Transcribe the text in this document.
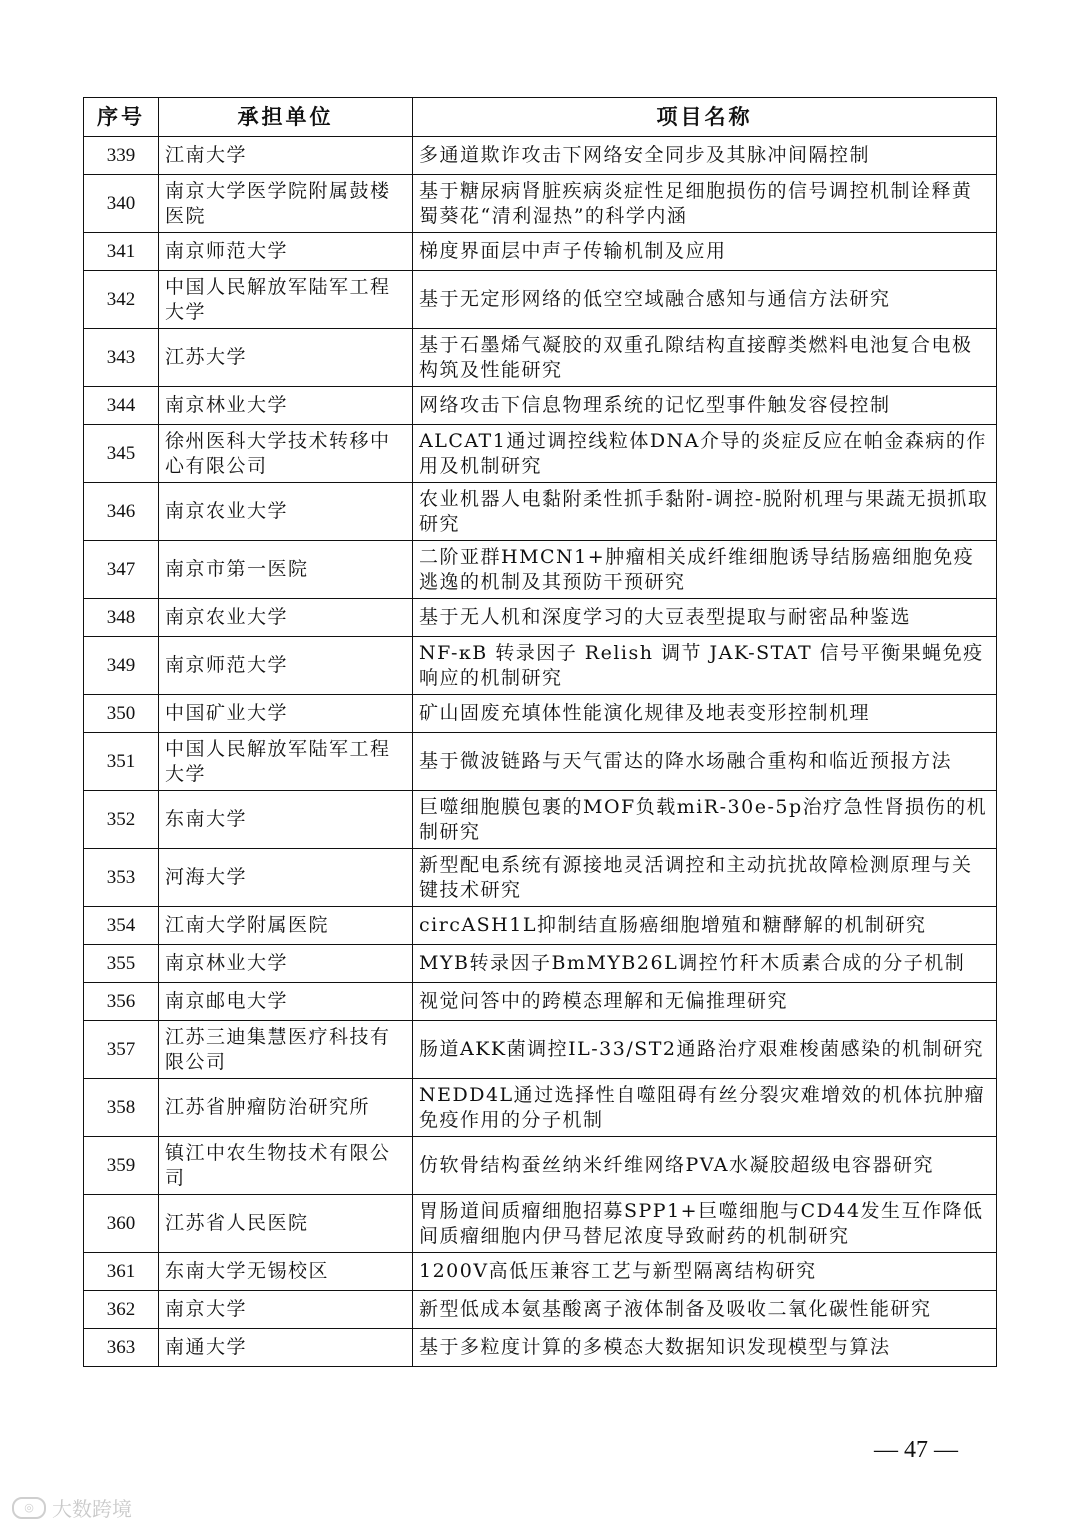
序号	承担单位	项目名称
339	江南大学	多通道欺诈攻击下网络安全同步及其脉冲间隔控制
340	南京大学医学院附属鼓楼医院	基于糖尿病肾脏疾病炎症性足细胞损伤的信号调控机制诠释黄蜀葵花“清利湿热”的科学内涵
341	南京师范大学	梯度界面层中声子传输机制及应用
342	中国人民解放军陆军工程大学	基于无定形网络的低空空域融合感知与通信方法研究
343	江苏大学	基于石墨烯气凝胶的双重孔隙结构直接醇类燃料电池复合电极构筑及性能研究
344	南京林业大学	网络攻击下信息物理系统的记忆型事件触发容侵控制
345	徐州医科大学技术转移中心有限公司	ALCAT1通过调控线粒体DNA介导的炎症反应在帕金森病的作用及机制研究
346	南京农业大学	农业机器人电黏附柔性抓手黏附-调控-脱附机理与果蔬无损抓取研究
347	南京市第一医院	二阶亚群HMCN1+肿瘤相关成纤维细胞诱导结肠癌细胞免疫逃逸的机制及其预防干预研究
348	南京农业大学	基于无人机和深度学习的大豆表型提取与耐密品种鉴选
349	南京师范大学	NF-κB 转录因子 Relish 调节 JAK-STAT 信号平衡果蝇免疫响应的机制研究
350	中国矿业大学	矿山固废充填体性能演化规律及地表变形控制机理
351	中国人民解放军陆军工程大学	基于微波链路与天气雷达的降水场融合重构和临近预报方法
352	东南大学	巨噬细胞膜包裹的MOF负载miR-30e-5p治疗急性肾损伤的机制研究
353	河海大学	新型配电系统有源接地灵活调控和主动抗扰故障检测原理与关键技术研究
354	江南大学附属医院	circASH1L抑制结直肠癌细胞增殖和糖酵解的机制研究
355	南京林业大学	MYB转录因子BmMYB26L调控竹秆木质素合成的分子机制
356	南京邮电大学	视觉问答中的跨模态理解和无偏推理研究
357	江苏三迪集慧医疗科技有限公司	肠道AKK菌调控IL-33/ST2通路治疗艰难梭菌感染的机制研究
358	江苏省肿瘤防治研究所	NEDD4L通过选择性自噬阻碍有丝分裂灾难增效的机体抗肿瘤免疫作用的分子机制
359	镇江中农生物技术有限公司	仿软骨结构蚕丝纳米纤维网络PVA水凝胶超级电容器研究
360	江苏省人民医院	胃肠道间质瘤细胞招募SPP1+巨噬细胞与CD44发生互作降低间质瘤细胞内伊马替尼浓度导致耐药的机制研究
361	东南大学无锡校区	1200V高低压兼容工艺与新型隔离结构研究
362	南京大学	新型低成本氨基酸离子液体制备及吸收二氧化碳性能研究
363	南通大学	基于多粒度计算的多模态大数据知识发现模型与算法
— 47 —
◎ 大数跨境
